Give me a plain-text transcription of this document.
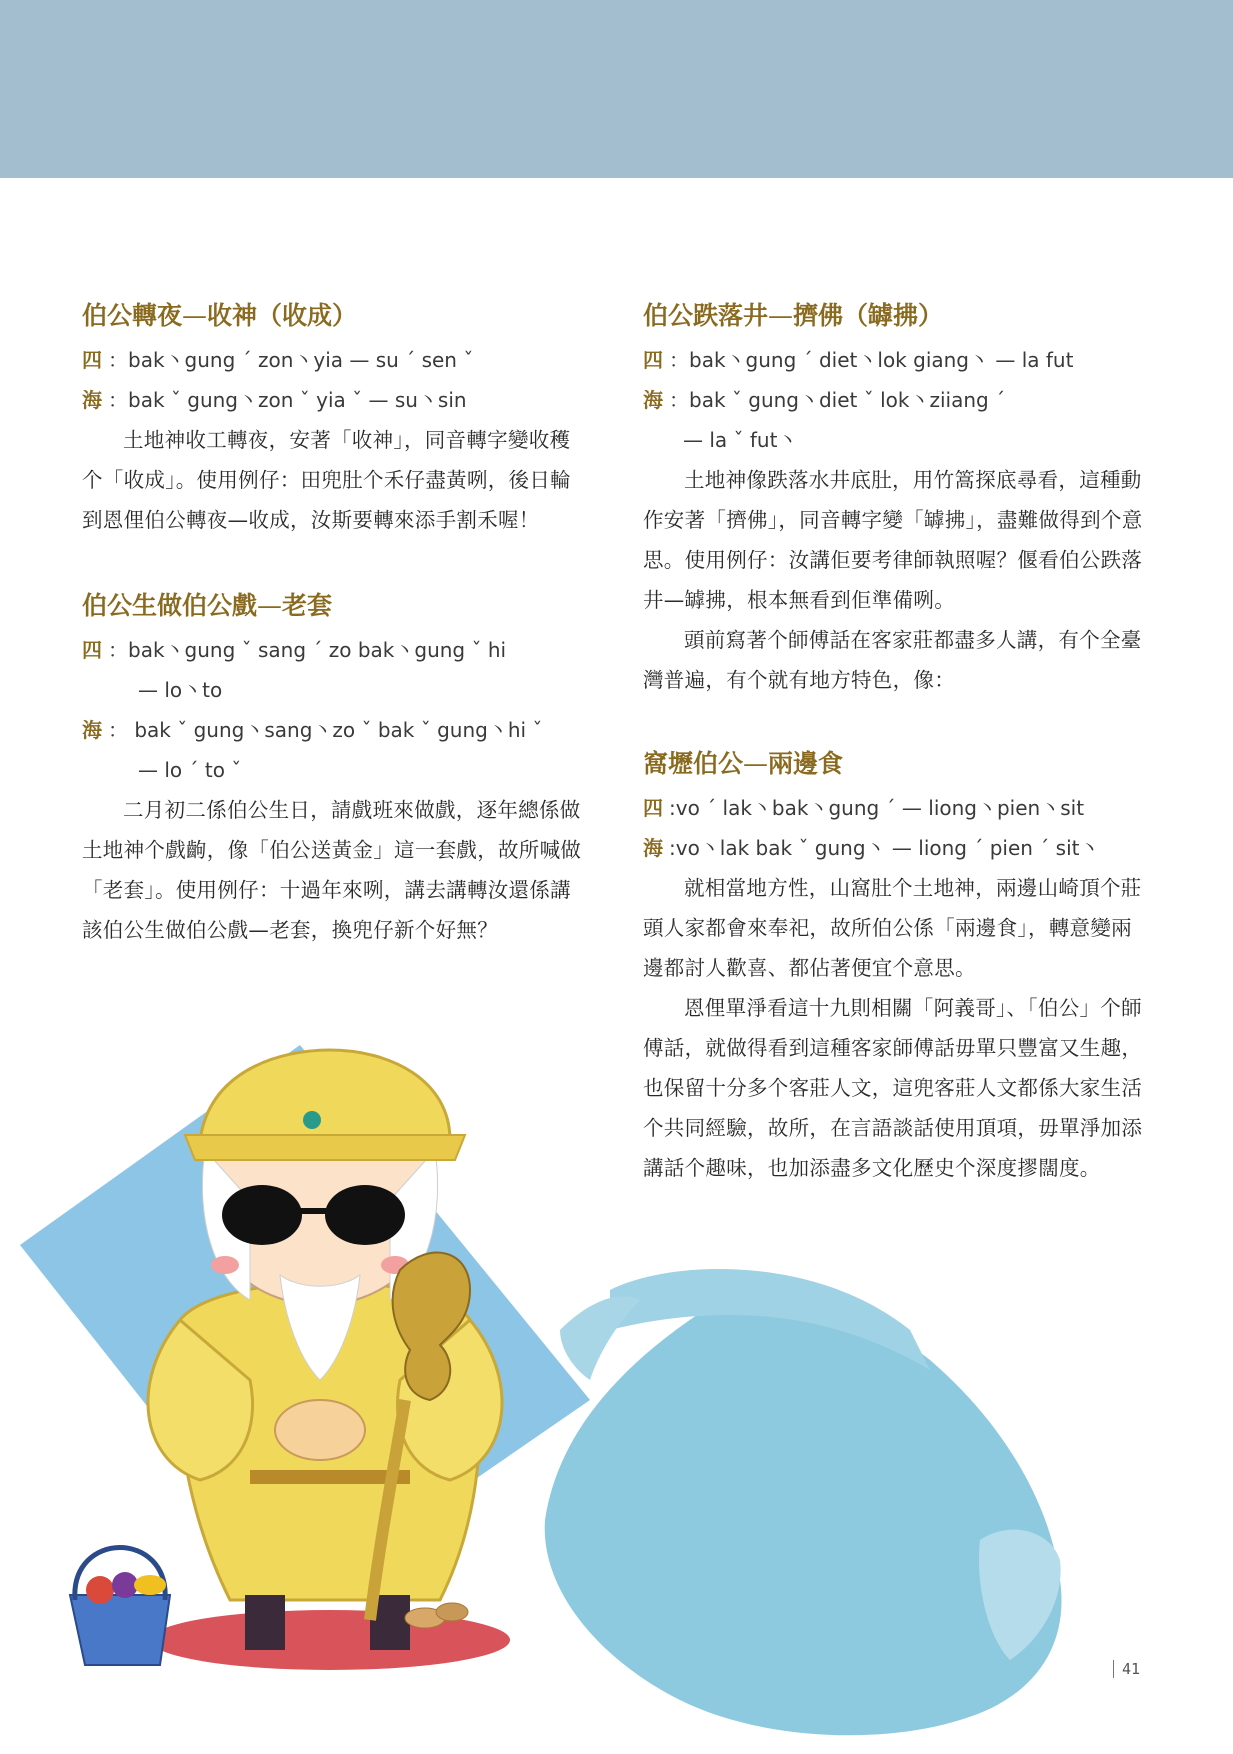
伯公轉夜—收神（收成）

四 ：bak丶gung ˊ zon丶yia — su ˊ sen ˇ

海 ：bak ˇ gung丶zon ˇ yia ˇ — su丶sin

土地神收工轉夜，安著「收神」，同音轉字變收穫个「收成」。使用例仔：田兜肚个禾仔盡黃咧，後日輪到恩俚伯公轉夜—收成，汝斯要轉來添手割禾喔！

伯公生做伯公戲—老套

四 ：bak丶gung ˇ sang ˊ zo bak丶gung ˇ hi

— lo丶to

海 ： bak ˇ gung丶sang丶zo ˇ bak ˇ gung丶hi ˇ

— lo ˊ to ˇ

二月初二係伯公生日，請戲班來做戲，逐年總係做土地神个戲齣，像「伯公送黃金」這一套戲，故所喊做「老套」。使用例仔：十過年來咧，講去講轉汝還係講該伯公生做伯公戲—老套，換兜仔新个好無？

伯公跌落井—擠佛（罅拂）

四 ：bak丶gung ˊ diet丶lok giang丶 — la fut

海 ：bak ˇ gung丶diet ˇ lok丶ziiang ˊ

— la ˇ fut丶

土地神像跌落水井底肚，用竹篙探底尋看，這種動作安著「擠佛」，同音轉字變「罅拂」，盡難做得到个意思。使用例仔：汝講佢要考律師執照喔？偃看伯公跌落井—罅拂，根本無看到佢準備咧。

頭前寫著个師傅話在客家莊都盡多人講，有个全臺灣普遍，有个就有地方特色，像：

窩壢伯公—兩邊食

四 :vo ˊ lak丶bak丶gung ˊ — liong丶pien丶sit

海 :vo丶lak bak ˇ gung丶 — liong ˊ pien ˊ sit丶

就相當地方性，山窩肚个土地神，兩邊山崎頂个莊頭人家都會來奉祀，故所伯公係「兩邊食」，轉意變兩邊都討人歡喜、都佔著便宜个意思。

恩俚單淨看這十九則相關「阿義哥」、「伯公」个師傅話，就做得看到這種客家師傅話毋單只豐富又生趣，也保留十分多个客莊人文，這兜客莊人文都係大家生活个共同經驗，故所，在言語談話使用頂項，毋單淨加添講話个趣味，也加添盡多文化歷史个深度摎闊度。

41
